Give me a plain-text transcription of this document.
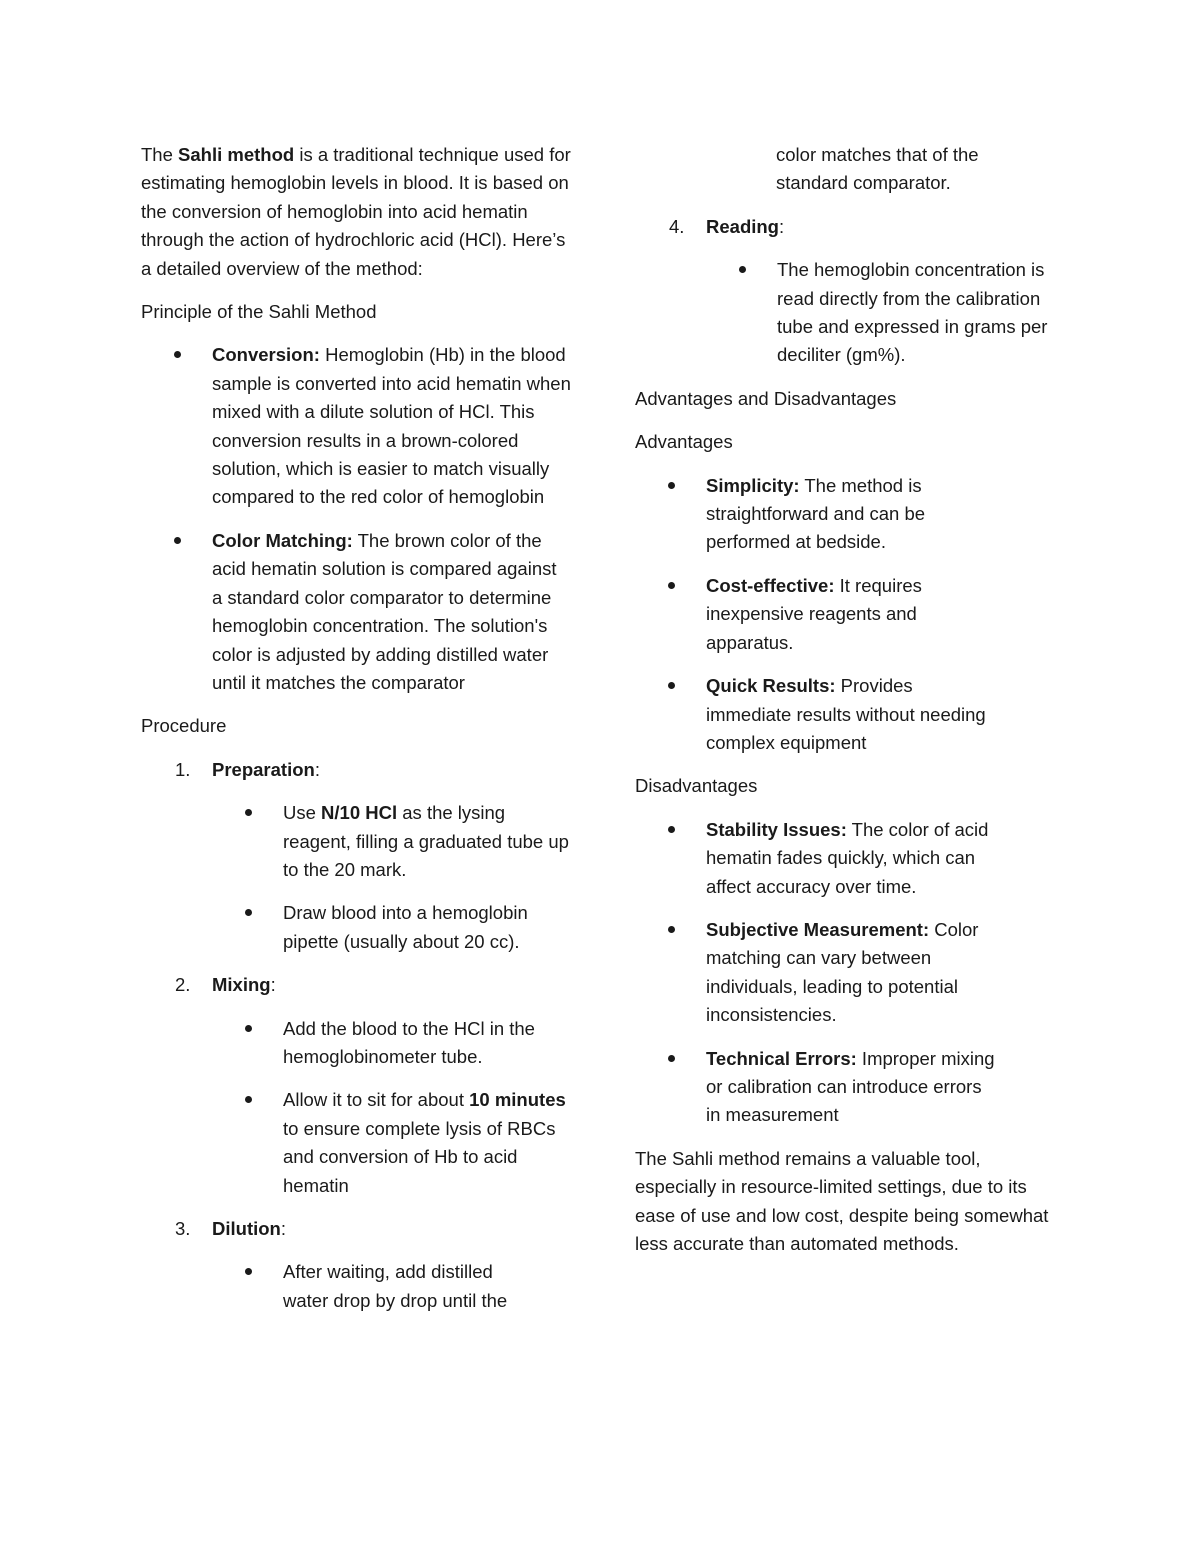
The Sahli method is a traditional technique used for estimating hemoglobin levels in blood. It is based on the conversion of hemoglobin into acid hematin through the action of hydrochloric acid (HCl). Here’s a detailed overview of the method:

Principle of the Sahli Method

Conversion: Hemoglobin (Hb) in the blood sample is converted into acid hematin when mixed with a dilute solution of HCl. This conversion results in a brown-colored solution, which is easier to match visually compared to the red color of hemoglobin
Color Matching: The brown color of the acid hematin solution is compared against a standard color comparator to determine hemoglobin concentration. The solution's color is adjusted by adding distilled water until it matches the comparator

Procedure

1. Preparation:
Use N/10 HCl as the lysing reagent, filling a graduated tube up to the 20 mark.
Draw blood into a hemoglobin pipette (usually about 20 cc).
2. Mixing:
Add the blood to the HCl in the hemoglobinometer tube.
Allow it to sit for about 10 minutes to ensure complete lysis of RBCs and conversion of Hb to acid hematin
3. Dilution:
After waiting, add distilled water drop by drop until the

color matches that of the standard comparator.

4. Reading:
The hemoglobin concentration is read directly from the calibration tube and expressed in grams per deciliter (gm%).

Advantages and Disadvantages

Advantages

Simplicity: The method is straightforward and can be performed at bedside.
Cost-effective: It requires inexpensive reagents and apparatus.
Quick Results: Provides immediate results without needing complex equipment

Disadvantages

Stability Issues: The color of acid hematin fades quickly, which can affect accuracy over time.
Subjective Measurement: Color matching can vary between individuals, leading to potential inconsistencies.
Technical Errors: Improper mixing or calibration can introduce errors in measurement

The Sahli method remains a valuable tool, especially in resource-limited settings, due to its ease of use and low cost, despite being somewhat less accurate than automated methods.
